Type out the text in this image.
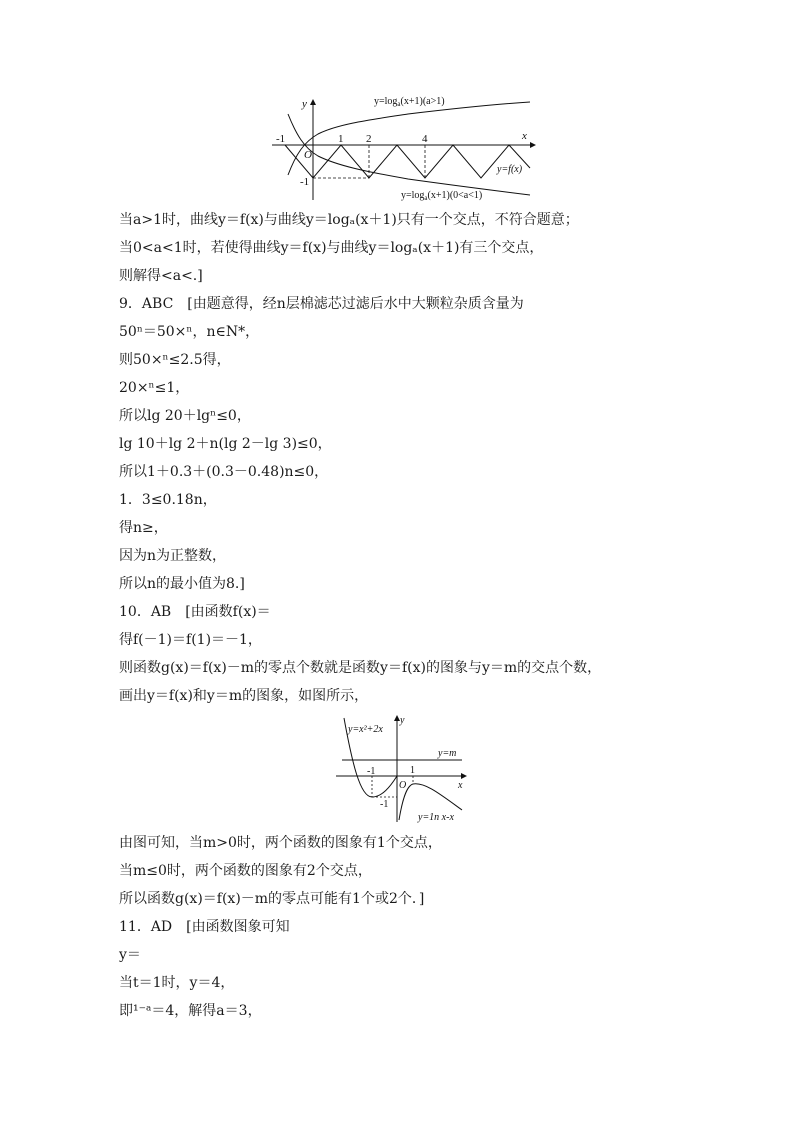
y
x
O
-1	1 2	4
-1
$y=\log_a(x+1)(a>1)$
y=f(x)
$y=\log_a(x+1)(0<a<1)$
当a>1时，曲线y＝f(x)与曲线y＝logₐ(x＋1)只有一个交点，不符合题意；
当0<a<1时，若使得曲线y＝f(x)与曲线y＝logₐ(x＋1)有三个交点，
则解得<a<.]
9．ABC　[由题意得，经n层棉滤芯过滤后水中大颗粒杂质含量为
50ⁿ＝50×ⁿ，n∈N*，
则50×ⁿ≤2.5得，
20×ⁿ≤1，
所以lg 20＋lgⁿ≤0，
lg 10＋lg 2＋n(lg 2－lg 3)≤0，
所以1＋0.3＋(0.3－0.48)n≤0，
1．3≤0.18n，
得n≥，
因为n为正整数，
所以n的最小值为8.]
10．AB　[由函数f(x)＝
得f(－1)＝f(1)＝－1，
则函数g(x)＝f(x)－m的零点个数就是函数y＝f(x)的图象与y＝m的交点个数，
画出y＝f(x)和y＝m的图象，如图所示，
y=x²+2x
y
y=m
-1	1
x
O
-1
y=1n x-x
由图可知，当m>0时，两个函数的图象有1个交点，
当m≤0时，两个函数的图象有2个交点，
所以函数g(x)＝f(x)－m的零点可能有1个或2个．]
11．AD　[由函数图象可知
y＝
当t＝1时，y＝4，
即¹⁻ᵃ＝4，解得a＝3，
